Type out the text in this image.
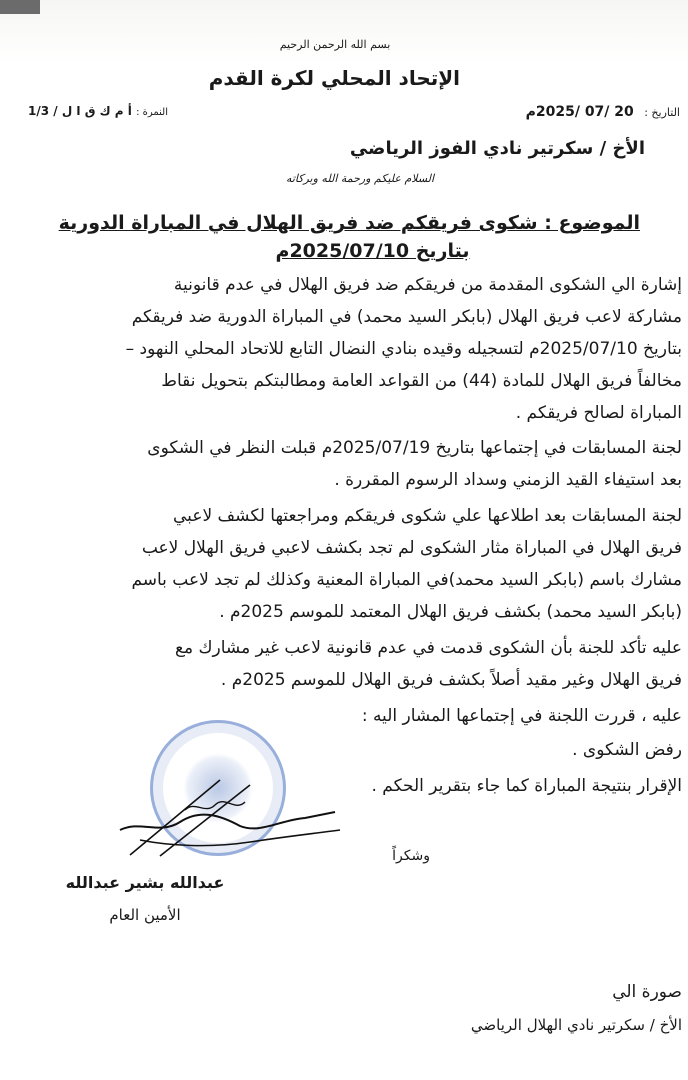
بسم الله الرحمن الرحيم
الإتحاد المحلي لكرة القدم
التاريخ : 20 /07 /2025م
النمرة : أ م ك ق ا ل / 1/3
الأخ / سكرتير نادي الفوز الرياضي
السلام عليكم ورحمة الله وبركاته
الموضوع : شكوى فريقكم ضد فريق الهلال في المباراة الدورية
بتاريخ 2025/07/10م
إشارة الي الشكوى المقدمة من فريقكم ضد فريق الهلال في عدم قانونية
مشاركة لاعب فريق الهلال (بابكر السيد محمد) في المباراة الدورية ضد فريقكم
بتاريخ 2025/07/10م لتسجيله وقيده بنادي النضال التابع للاتحاد المحلي النهود –
مخالفاً فريق الهلال للمادة (44) من القواعد العامة ومطالبتكم بتحويل نقاط
المباراة لصالح فريقكم .
لجنة المسابقات في إجتماعها بتاريخ 2025/07/19م قبلت النظر في الشكوى
بعد استيفاء القيد الزمني وسداد الرسوم المقررة .
لجنة المسابقات بعد اطلاعها علي شكوى فريقكم ومراجعتها لكشف لاعبي
فريق الهلال في المباراة مثار الشكوى لم تجد بكشف لاعبي فريق الهلال لاعب
مشارك باسم (بابكر السيد محمد)في المباراة المعنية وكذلك لم تجد لاعب باسم
(بابكر السيد محمد) بكشف فريق الهلال المعتمد للموسم 2025م .
عليه تأكد للجنة بأن الشكوى قدمت في عدم قانونية لاعب غير مشارك مع
فريق الهلال وغير مقيد أصلاً بكشف فريق الهلال للموسم 2025م .
عليه ، قررت اللجنة في إجتماعها المشار اليه :
رفض الشكوى .
الإقرار بنتيجة المباراة كما جاء بتقرير الحكم .
وشكراً
عبدالله بشير عبدالله
الأمين العام
صورة الي
الأخ / سكرتير نادي الهلال الرياضي
